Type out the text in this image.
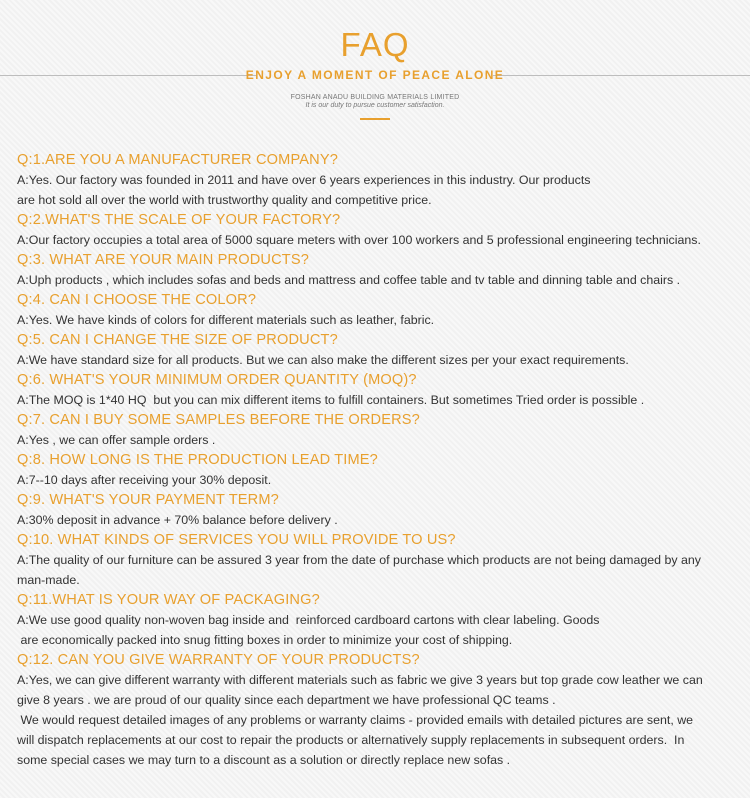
FAQ
ENJOY A MOMENT OF PEACE ALONE
FOSHAN ANADU BUILDING MATERIALS LIMITED
It is our duty to pursue customer satisfaction.
Q:1.ARE YOU A MANUFACTURER COMPANY?
A:Yes. Our factory was founded in 2011 and have over 6 years experiences in this industry. Our products
are hot sold all over the world with trustworthy quality and competitive price.
Q:2.WHAT'S THE SCALE OF YOUR FACTORY?
A:Our factory occupies a total area of 5000 square meters with over 100 workers and 5 professional engineering technicians.
Q:3. WHAT ARE YOUR MAIN PRODUCTS?
A:Uph products , which includes sofas and beds and mattress and coffee table and tv table and dinning table and chairs .
Q:4. CAN I CHOOSE THE COLOR?
A:Yes. We have kinds of colors for different materials such as leather, fabric.
Q:5. CAN I CHANGE THE SIZE OF PRODUCT?
A:We have standard size for all products. But we can also make the different sizes per your exact requirements.
Q:6. WHAT'S YOUR MINIMUM ORDER QUANTITY (MOQ)?
A:The MOQ is 1*40 HQ  but you can mix different items to fulfill containers. But sometimes Tried order is possible .
Q:7. CAN I BUY SOME SAMPLES BEFORE THE ORDERS?
A:Yes , we can offer sample orders .
Q:8. HOW LONG IS THE PRODUCTION LEAD TIME?
A:7--10 days after receiving your 30% deposit.
Q:9. WHAT'S YOUR PAYMENT TERM?
A:30% deposit in advance + 70% balance before delivery .
Q:10. WHAT KINDS OF SERVICES YOU WILL PROVIDE TO US?
A:The quality of our furniture can be assured 3 year from the date of purchase which products are not being damaged by any
man-made.
Q:11.WHAT IS YOUR WAY OF PACKAGING?
A:We use good quality non-woven bag inside and  reinforced cardboard cartons with clear labeling. Goods
are economically packed into snug fitting boxes in order to minimize your cost of shipping.
Q:12. CAN YOU GIVE WARRANTY OF YOUR PRODUCTS?
A:Yes, we can give different warranty with different materials such as fabric we give 3 years but top grade cow leather we can
give 8 years . we are proud of our quality since each department we have professional QC teams .
We would request detailed images of any problems or warranty claims - provided emails with detailed pictures are sent, we
will dispatch replacements at our cost to repair the products or alternatively supply replacements in subsequent orders.  In
some special cases we may turn to a discount as a solution or directly replace new sofas .
